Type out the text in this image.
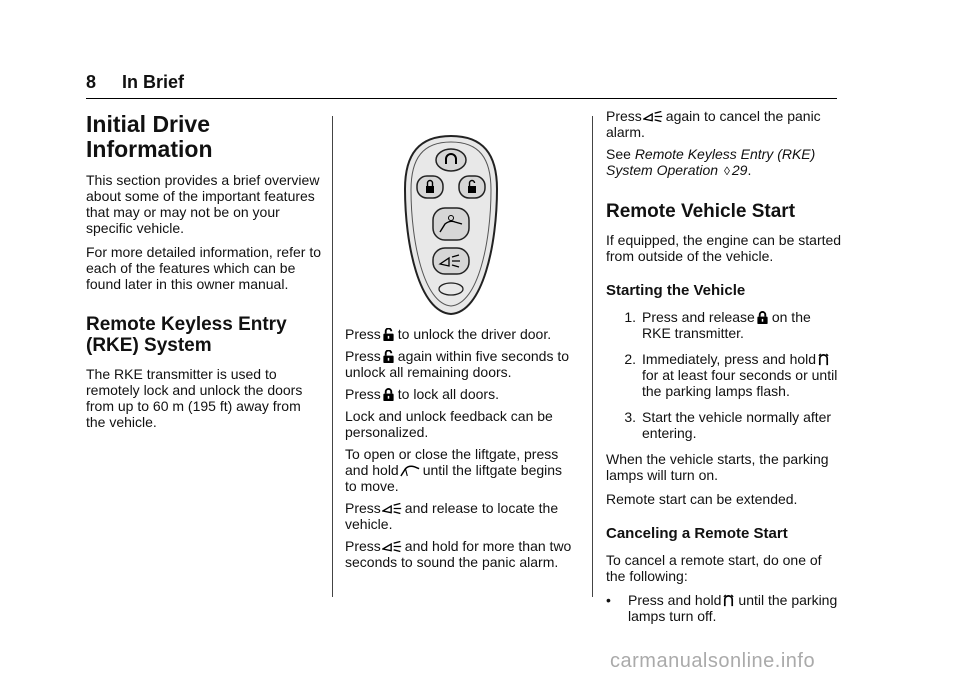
8 In Brief
Initial Drive Information

This section provides a brief overview about some of the important features that may or may not be on your specific vehicle.

For more detailed information, refer to each of the features which can be found later in this owner manual.

Remote Keyless Entry (RKE) System

The RKE transmitter is used to remotely lock and unlock the doors from up to 60 m (195 ft) away from the vehicle.

Press to unlock the driver door.

Press again within five seconds to unlock all remaining doors.

Press to lock all doors.

Lock and unlock feedback can be personalized.

To open or close the liftgate, press and hold until the liftgate begins to move.

Press and release to locate the vehicle.

Press and hold for more than two seconds to sound the panic alarm.

Press again to cancel the panic alarm.

See Remote Keyless Entry (RKE) System Operation ◊ 29.

Remote Vehicle Start

If equipped, the engine can be started from outside of the vehicle.

Starting the Vehicle
1. Press and release on the RKE transmitter.
2. Immediately, press and holdfor at least four seconds or until the parking lamps flash.
3. Start the vehicle normally after entering.

When the vehicle starts, the parking lamps will turn on.

Remote start can be extended.

Canceling a Remote Start

To cancel a remote start, do one of the following:

• Press and hold until the parking lamps turn off.

carmanualsonline.info
